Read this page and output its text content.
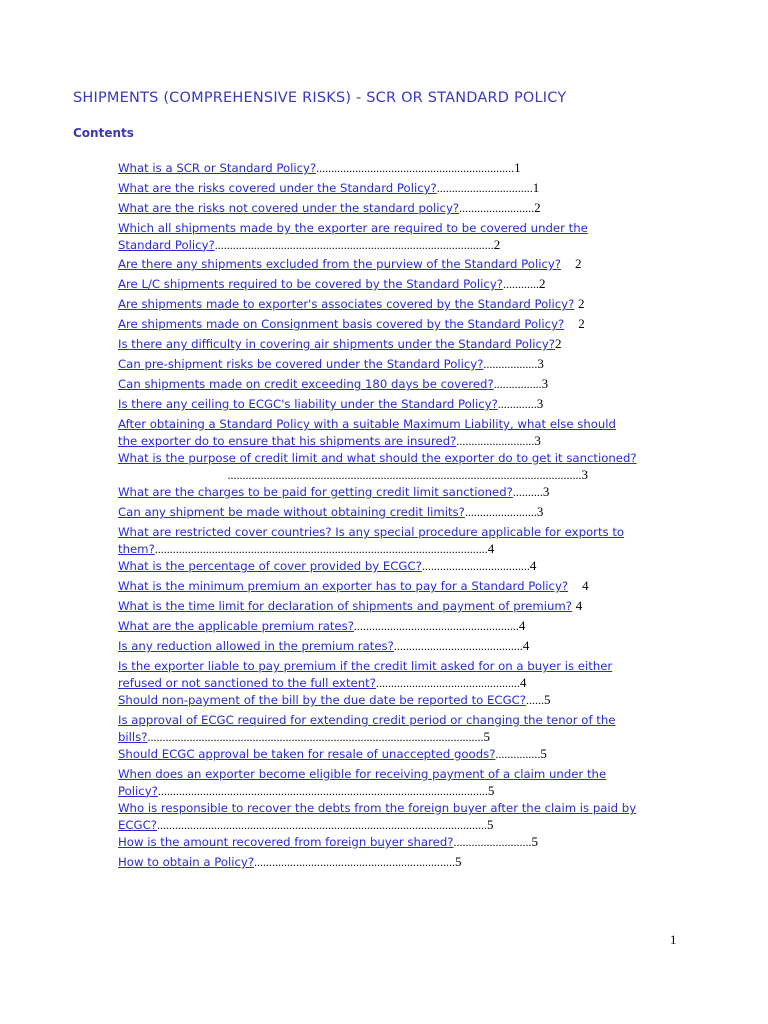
SHIPMENTS (COMPREHENSIVE RISKS) - SCR OR STANDARD POLICY
Contents
What is a SCR or Standard Policy?..................................................................1
What are the risks covered under the Standard Policy?................................1
What are the risks not covered under the standard policy?.........................2
Which all shipments made by the exporter are required to be covered under the
Standard Policy?.............................................................................................2
Are there any shipments excluded from the purview of the Standard Policy? 2
Are L/C shipments required to be covered by the Standard Policy?............2
Are shipments made to exporter's associates covered by the Standard Policy? 2
Are shipments made on Consignment basis covered by the Standard Policy? 2
Is there any difficulty in covering air shipments under the Standard Policy?2
Can pre-shipment risks be covered under the Standard Policy?..................3
Can shipments made on credit exceeding 180 days be covered?................3
Is there any ceiling to ECGC's liability under the Standard Policy?.............3
After obtaining a Standard Policy with a suitable Maximum Liability, what else should
the exporter do to ensure that his shipments are insured?..........................3
What is the purpose of credit limit and what should the exporter do to get it sanctioned?
......................................................................................................................3
What are the charges to be paid for getting credit limit sanctioned?..........3
Can any shipment be made without obtaining credit limits?........................3
What are restricted cover countries? Is any special procedure applicable for exports to
them?...............................................................................................................4
What is the percentage of cover provided by ECGC?....................................4
What is the minimum premium an exporter has to pay for a Standard Policy? 4
What is the time limit for declaration of shipments and payment of premium? 4
What are the applicable premium rates?.......................................................4
Is any reduction allowed in the premium rates?...........................................4
Is the exporter liable to pay premium if the credit limit asked for on a buyer is either
refused or not sanctioned to the full extent?................................................4
Should non-payment of the bill by the due date be reported to ECGC?......5
Is approval of ECGC required for extending credit period or changing the tenor of the
bills?................................................................................................................5
Should ECGC approval be taken for resale of unaccepted goods?...............5
When does an exporter become eligible for receiving payment of a claim under the
Policy?..............................................................................................................5
Who is responsible to recover the debts from the foreign buyer after the claim is paid by
ECGC?..............................................................................................................5
How is the amount recovered from foreign buyer shared?..........................5
How to obtain a Policy?...................................................................5
1
